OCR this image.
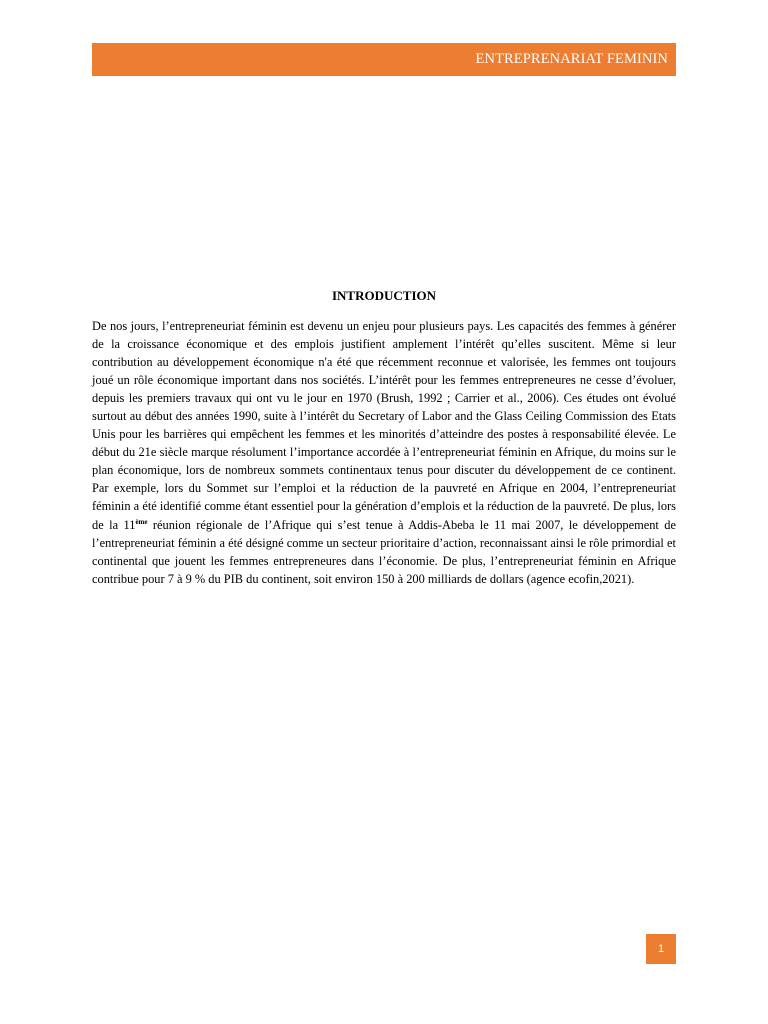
ENTREPRENARIAT FEMININ
INTRODUCTION

De nos jours, l’entrepreneuriat féminin est devenu un enjeu pour plusieurs pays. Les capacités des femmes à générer de la croissance économique et des emplois justifient amplement l’intérêt qu’elles suscitent. Même si leur contribution au développement économique n'a été que récemment reconnue et valorisée, les femmes ont toujours joué un rôle économique important dans nos sociétés. L’intérêt pour les femmes entrepreneures ne cesse d’évoluer, depuis les premiers travaux qui ont vu le jour en 1970 (Brush, 1992 ; Carrier et al., 2006). Ces études ont évolué surtout au début des années 1990, suite à l’intérêt du Secretary of Labor and the Glass Ceiling Commission des Etats Unis pour les barrières qui empêchent les femmes et les minorités d’atteindre des postes à responsabilité élevée. Le début du 21e siècle marque résolument l’importance accordée à l’entrepreneuriat féminin en Afrique, du moins sur le plan économique, lors de nombreux sommets continentaux tenus pour discuter du développement de ce continent. Par exemple, lors du Sommet sur l’emploi et la réduction de la pauvreté en Afrique en 2004, l’entrepreneuriat féminin a été identifié comme étant essentiel pour la génération d’emplois et la réduction de la pauvreté. De plus, lors de la 11ème réunion régionale de l’Afrique qui s’est tenue à Addis-Abeba le 11 mai 2007, le développement de l’entrepreneuriat féminin a été désigné comme un secteur prioritaire d’action, reconnaissant ainsi le rôle primordial et continental que jouent les femmes entrepreneures dans l’économie. De plus, l’entrepreneuriat féminin en Afrique contribue pour 7 à 9 % du PIB du continent, soit environ 150 à 200 milliards de dollars (agence ecofin,2021).

1
